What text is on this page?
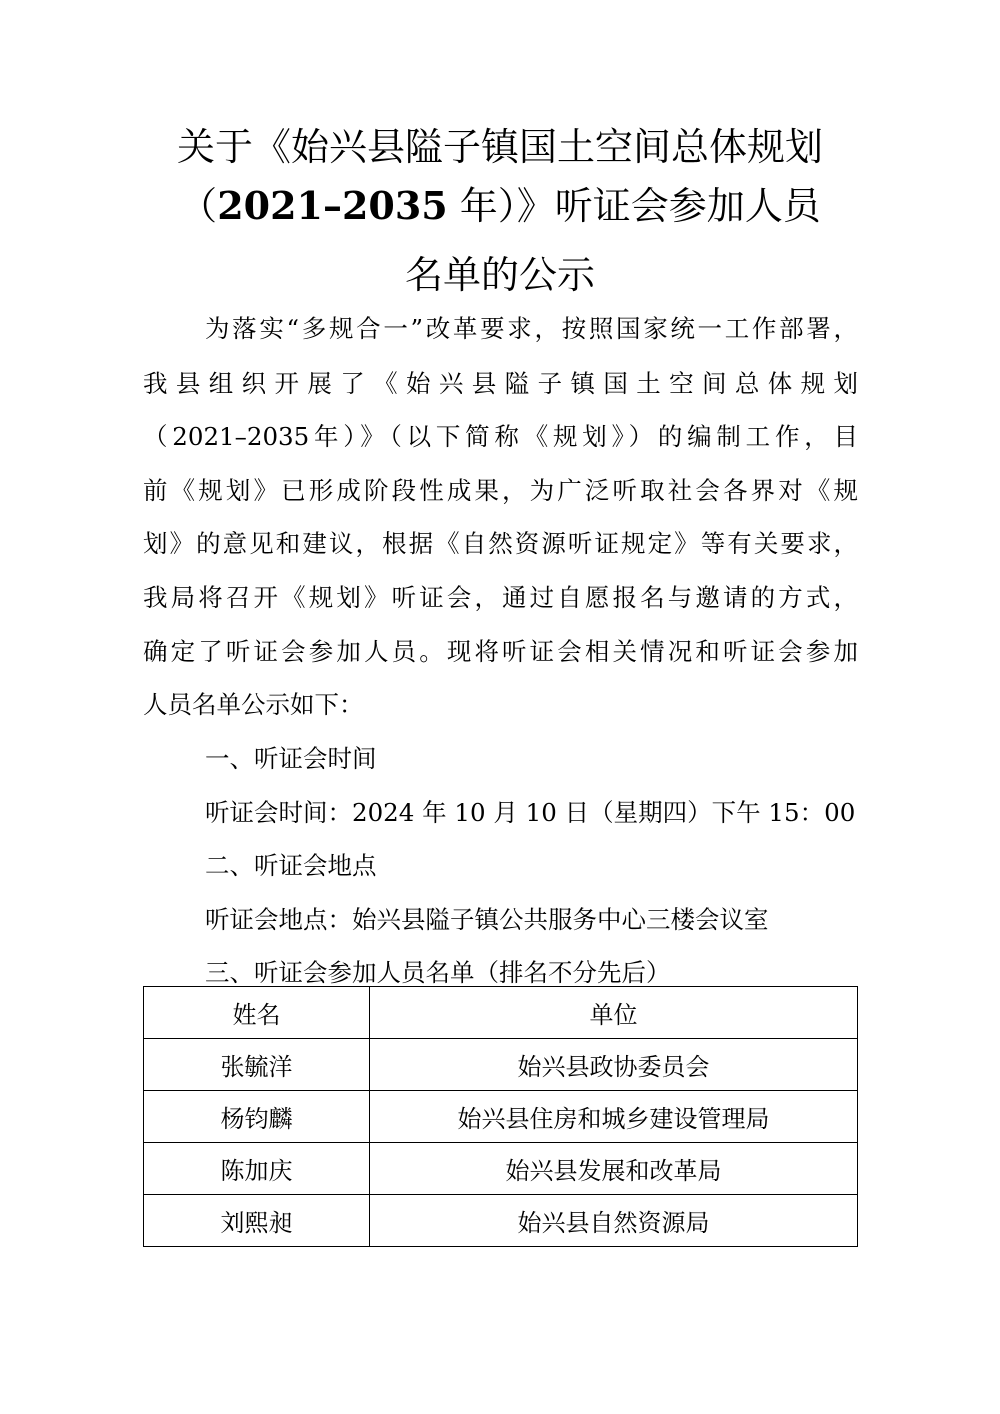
关于《始兴县隘子镇国土空间总体规划
（2021–2035 年）》听证会参加人员
名单的公示

为落实“多规合一”改革要求，按照国家统一工作部署，

我县组织开展了《始兴县隘子镇国土空间总体规划

（2021–2035年）》（以下简称《规划》）的编制工作，目

前《规划》已形成阶段性成果，为广泛听取社会各界对《规

划》的意见和建议，根据《自然资源听证规定》等有关要求，

我局将召开《规划》听证会，通过自愿报名与邀请的方式，

确定了听证会参加人员。现将听证会相关情况和听证会参加

人员名单公示如下：

一、听证会时间

听证会时间：2024 年 10 月 10 日（星期四）下午 15：00

二、听证会地点

听证会地点：始兴县隘子镇公共服务中心三楼会议室

三、听证会参加人员名单（排名不分先后）

姓名	单位
张毓洋	始兴县政协委员会
杨钧麟	始兴县住房和城乡建设管理局
陈加庆	始兴县发展和改革局
刘熙昶	始兴县自然资源局
